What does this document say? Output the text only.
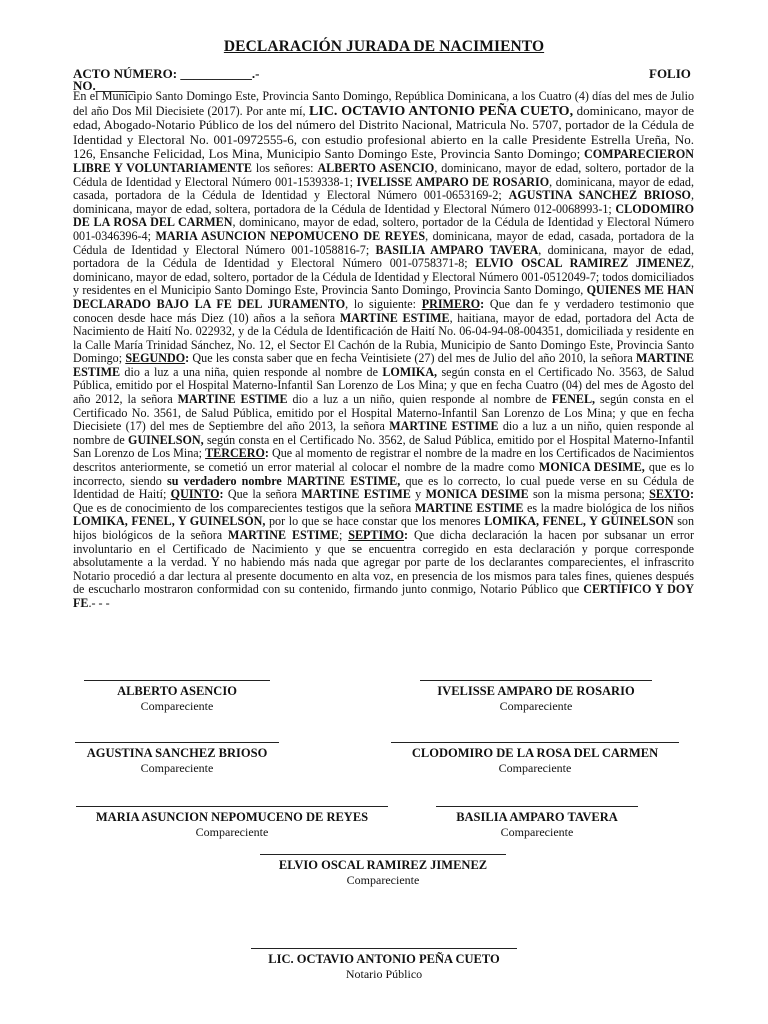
DECLARACIÓN JURADA DE NACIMIENTO
ACTO NÚMERO: ___________.-	FOLIO
NO.______

En el Municipio Santo Domingo Este, Provincia Santo Domingo, República Dominicana, a los Cuatro (4) días del mes de Julio del año Dos Mil Diecisiete (2017). Por ante mí, LIC. OCTAVIO ANTONIO PEÑA CUETO, dominicano, mayor de edad, Abogado-Notario Público de los del número del Distrito Nacional, Matricula No. 5707, portador de la Cédula de Identidad y Electoral No. 001-0972555-6, con estudio profesional abierto en la calle Presidente Estrella Ureña, No. 126, Ensanche Felicidad, Los Mina, Municipio Santo Domingo Este, Provincia Santo Domingo; COMPARECIERON LIBRE Y VOLUNTARIAMENTE los señores: ALBERTO ASENCIO, dominicano, mayor de edad, soltero, portador de la Cédula de Identidad y Electoral Número 001-1539338-1; IVELISSE AMPARO DE ROSARIO, dominicana, mayor de edad, casada, portadora de la Cédula de Identidad y Electoral Número 001-0653169-2; AGUSTINA SANCHEZ BRIOSO, dominicana, mayor de edad, soltera, portadora de la Cédula de Identidad y Electoral Número 012-0068993-1; CLODOMIRO DE LA ROSA DEL CARMEN, dominicano, mayor de edad, soltero, portador de la Cédula de Identidad y Electoral Número 001-0346396-4; MARIA ASUNCION NEPOMUCENO DE REYES, dominicana, mayor de edad, casada, portadora de la Cédula de Identidad y Electoral Número 001-1058816-7; BASILIA AMPARO TAVERA, dominicana, mayor de edad, portadora de la Cédula de Identidad y Electoral Número 001-0758371-8; ELVIO OSCAL RAMIREZ JIMENEZ, dominicano, mayor de edad, soltero, portador de la Cédula de Identidad y Electoral Número 001-0512049-7; todos domiciliados y residentes en el Municipio Santo Domingo Este, Provincia Santo Domingo, Provincia Santo Domingo, QUIENES ME HAN DECLARADO BAJO LA FE DEL JURAMENTO, lo siguiente: PRIMERO: Que dan fe y verdadero testimonio que conocen desde hace más Diez (10) años a la señora MARTINE ESTIME, haitiana, mayor de edad, portadora del Acta de Nacimiento de Haití No. 022932, y de la Cédula de Identificación de Haití No. 06-04-94-08-004351, domiciliada y residente en la Calle María Trinidad Sánchez, No. 12, el Sector El Cachón de la Rubia, Municipio de Santo Domingo Este, Provincia Santo Domingo; SEGUNDO: Que les consta saber que en fecha Veintisiete (27) del mes de Julio del año 2010, la señora MARTINE ESTIME dio a luz a una niña, quien responde al nombre de LOMIKA, según consta en el Certificado No. 3563, de Salud Pública, emitido por el Hospital Materno-Infantil San Lorenzo de Los Mina; y que en fecha Cuatro (04) del mes de Agosto del año 2012, la señora MARTINE ESTIME dio a luz a un niño, quien responde al nombre de FENEL, según consta en el Certificado No. 3561, de Salud Pública, emitido por el Hospital Materno-Infantil San Lorenzo de Los Mina; y que en fecha Diecisiete (17) del mes de Septiembre del año 2013, la señora MARTINE ESTIME dio a luz a un niño, quien responde al nombre de GUINELSON, según consta en el Certificado No. 3562, de Salud Pública, emitido por el Hospital Materno-Infantil San Lorenzo de Los Mina; TERCERO: Que al momento de registrar el nombre de la madre en los Certificados de Nacimientos descritos anteriormente, se cometió un error material al colocar el nombre de la madre como MONICA DESIME, que es lo incorrecto, siendo su verdadero nombre MARTINE ESTIME, que es lo correcto, lo cual puede verse en su Cédula de Identidad de Haití; QUINTO: Que la señora MARTINE ESTIME y MONICA DESIME son la misma persona; SEXTO: Que es de conocimiento de los comparecientes testigos que la señora MARTINE ESTIME es la madre biológica de los niños LOMIKA, FENEL, Y GUINELSON, por lo que se hace constar que los menores LOMIKA, FENEL, Y GUINELSON son hijos biológicos de la señora MARTINE ESTIME; SEPTIMO: Que dicha declaración la hacen por subsanar un error involuntario en el Certificado de Nacimiento y que se encuentra corregido en esta declaración y porque corresponde absolutamente a la verdad. Y no habiendo más nada que agregar por parte de los declarantes comparecientes, el infrascrito Notario procedió a dar lectura al presente documento en alta voz, en presencia de los mismos para tales fines, quienes después de escucharlo mostraron conformidad con su contenido, firmando junto conmigo, Notario Público que CERTIFICO Y DOY FE.- - -

ALBERTO ASENCIO
Compareciente
IVELISSE AMPARO DE ROSARIO
Compareciente
AGUSTINA SANCHEZ BRIOSO
Compareciente
CLODOMIRO DE LA ROSA DEL CARMEN
Compareciente
MARIA ASUNCION NEPOMUCENO DE REYES
Compareciente
BASILIA AMPARO TAVERA
Compareciente
ELVIO OSCAL RAMIREZ JIMENEZ
Compareciente
LIC. OCTAVIO ANTONIO PEÑA CUETO
Notario Público
